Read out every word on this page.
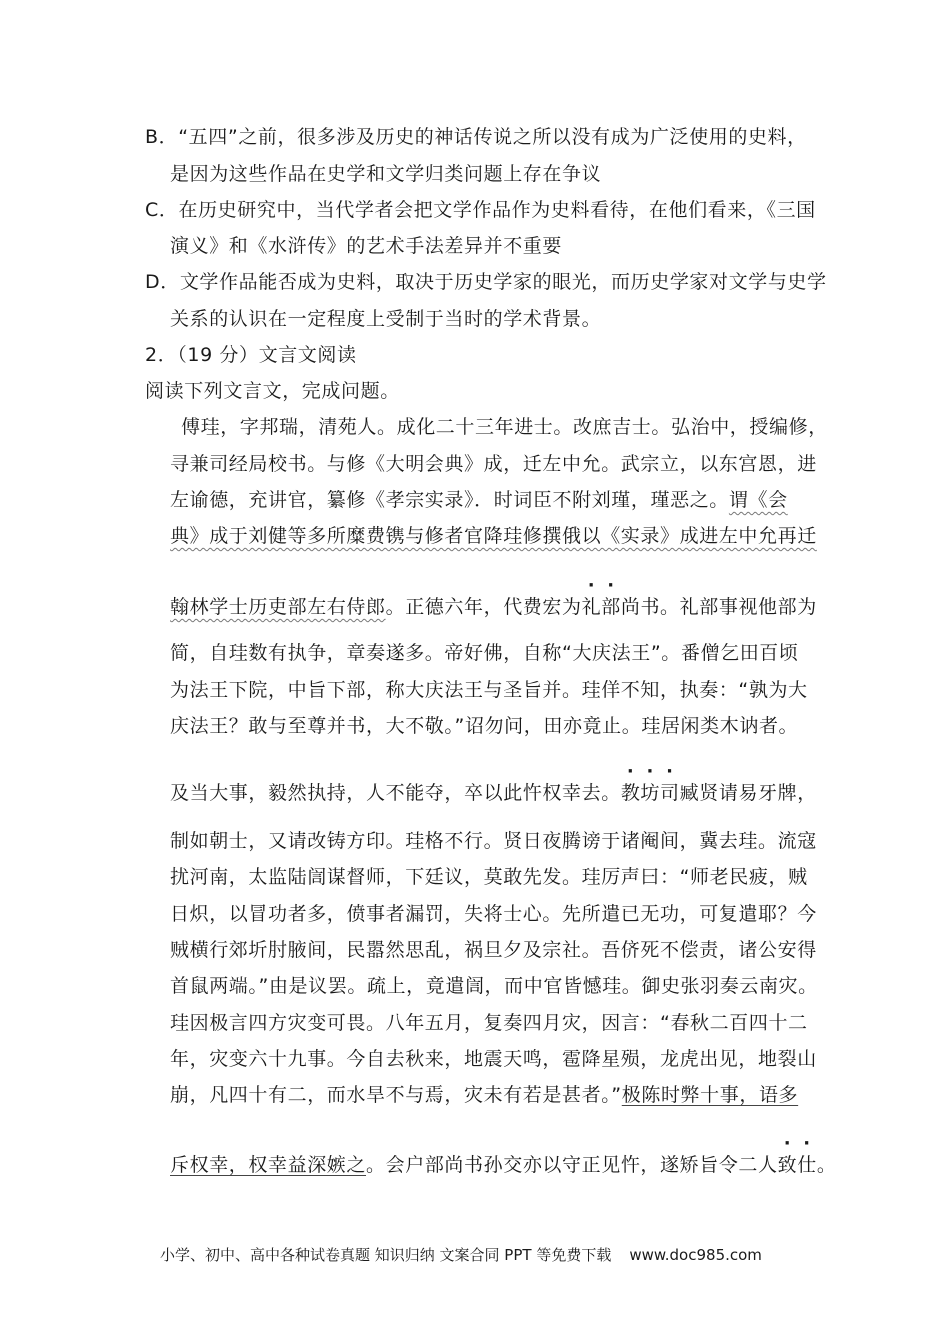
B．“五四”之前，很多涉及历史的神话传说之所以没有成为广泛使用的史料，
是因为这些作品在史学和文学归类问题上存在争议
C．在历史研究中，当代学者会把文学作品作为史料看待，在他们看来，《三国
演义》和《水浒传》的艺术手法差异并不重要
D．文学作品能否成为史料，取决于历史学家的眼光，而历史学家对文学与史学
关系的认识在一定程度上受制于当时的学术背景。
2．（19 分）文言文阅读
阅读下列文言文，完成问题。
傅珪，字邦瑞，清苑人。成化二十三年进士。改庶吉士。弘治中，授编修，
寻兼司经局校书。与修《大明会典》成，迁左中允。武宗立，以东宫恩，进
左谕德，充讲官，纂修《孝宗实录》．时词臣不附刘瑾，瑾恶之。谓《会
典》成于刘健等多所糜费镌与修者官降珪修撰俄以《实录》成进左中允再迁
翰林学士历吏部左右侍郎。正德六年，代费宏为礼部尚书。礼部事视他部为
简，自珪数有执争，章奏遂多。帝好佛，自称“大庆法王”。番僧乞田百顷
为法王下院，中旨下部，称大庆法王与圣旨并。珪佯不知，执奏：“孰为大
庆法王？敢与至尊并书，大不敬。”诏勿问，田亦竟止。珪居闲类木讷者。
及当大事，毅然执持，人不能夺，卒以此忤权幸去。教坊司臧贤请易牙牌，
制如朝士，又请改铸方印。珪格不行。贤日夜腾谤于诸阉间，冀去珪。流寇
扰河南，太监陆訚谋督师，下廷议，莫敢先发。珪厉声曰：“师老民疲，贼
日炽，以冒功者多，偾事者漏罚，失将士心。先所遣已无功，可复遣耶？今
贼横行郊圻肘腋间，民嚣然思乱，祸旦夕及宗社。吾侪死不偿责，诸公安得
首鼠两端。”由是议罢。疏上，竟遣訚，而中官皆憾珪。御史张羽奏云南灾。
珪因极言四方灾变可畏。八年五月，复奏四月灾，因言：“春秋二百四十二
年，灾变六十九事。今自去秋来，地震天鸣，雹降星殒，龙虎出见，地裂山
崩，凡四十有二，而水旱不与焉，灾未有若是甚者。”极陈时弊十事，语多
斥权幸，权幸益深嫉之。会户部尚书孙交亦以守正见忤，遂矫旨令二人致仕。
小学、初中、高中各种试卷真题 知识归纳 文案合同 PPT 等免费下载 www.doc985.com
